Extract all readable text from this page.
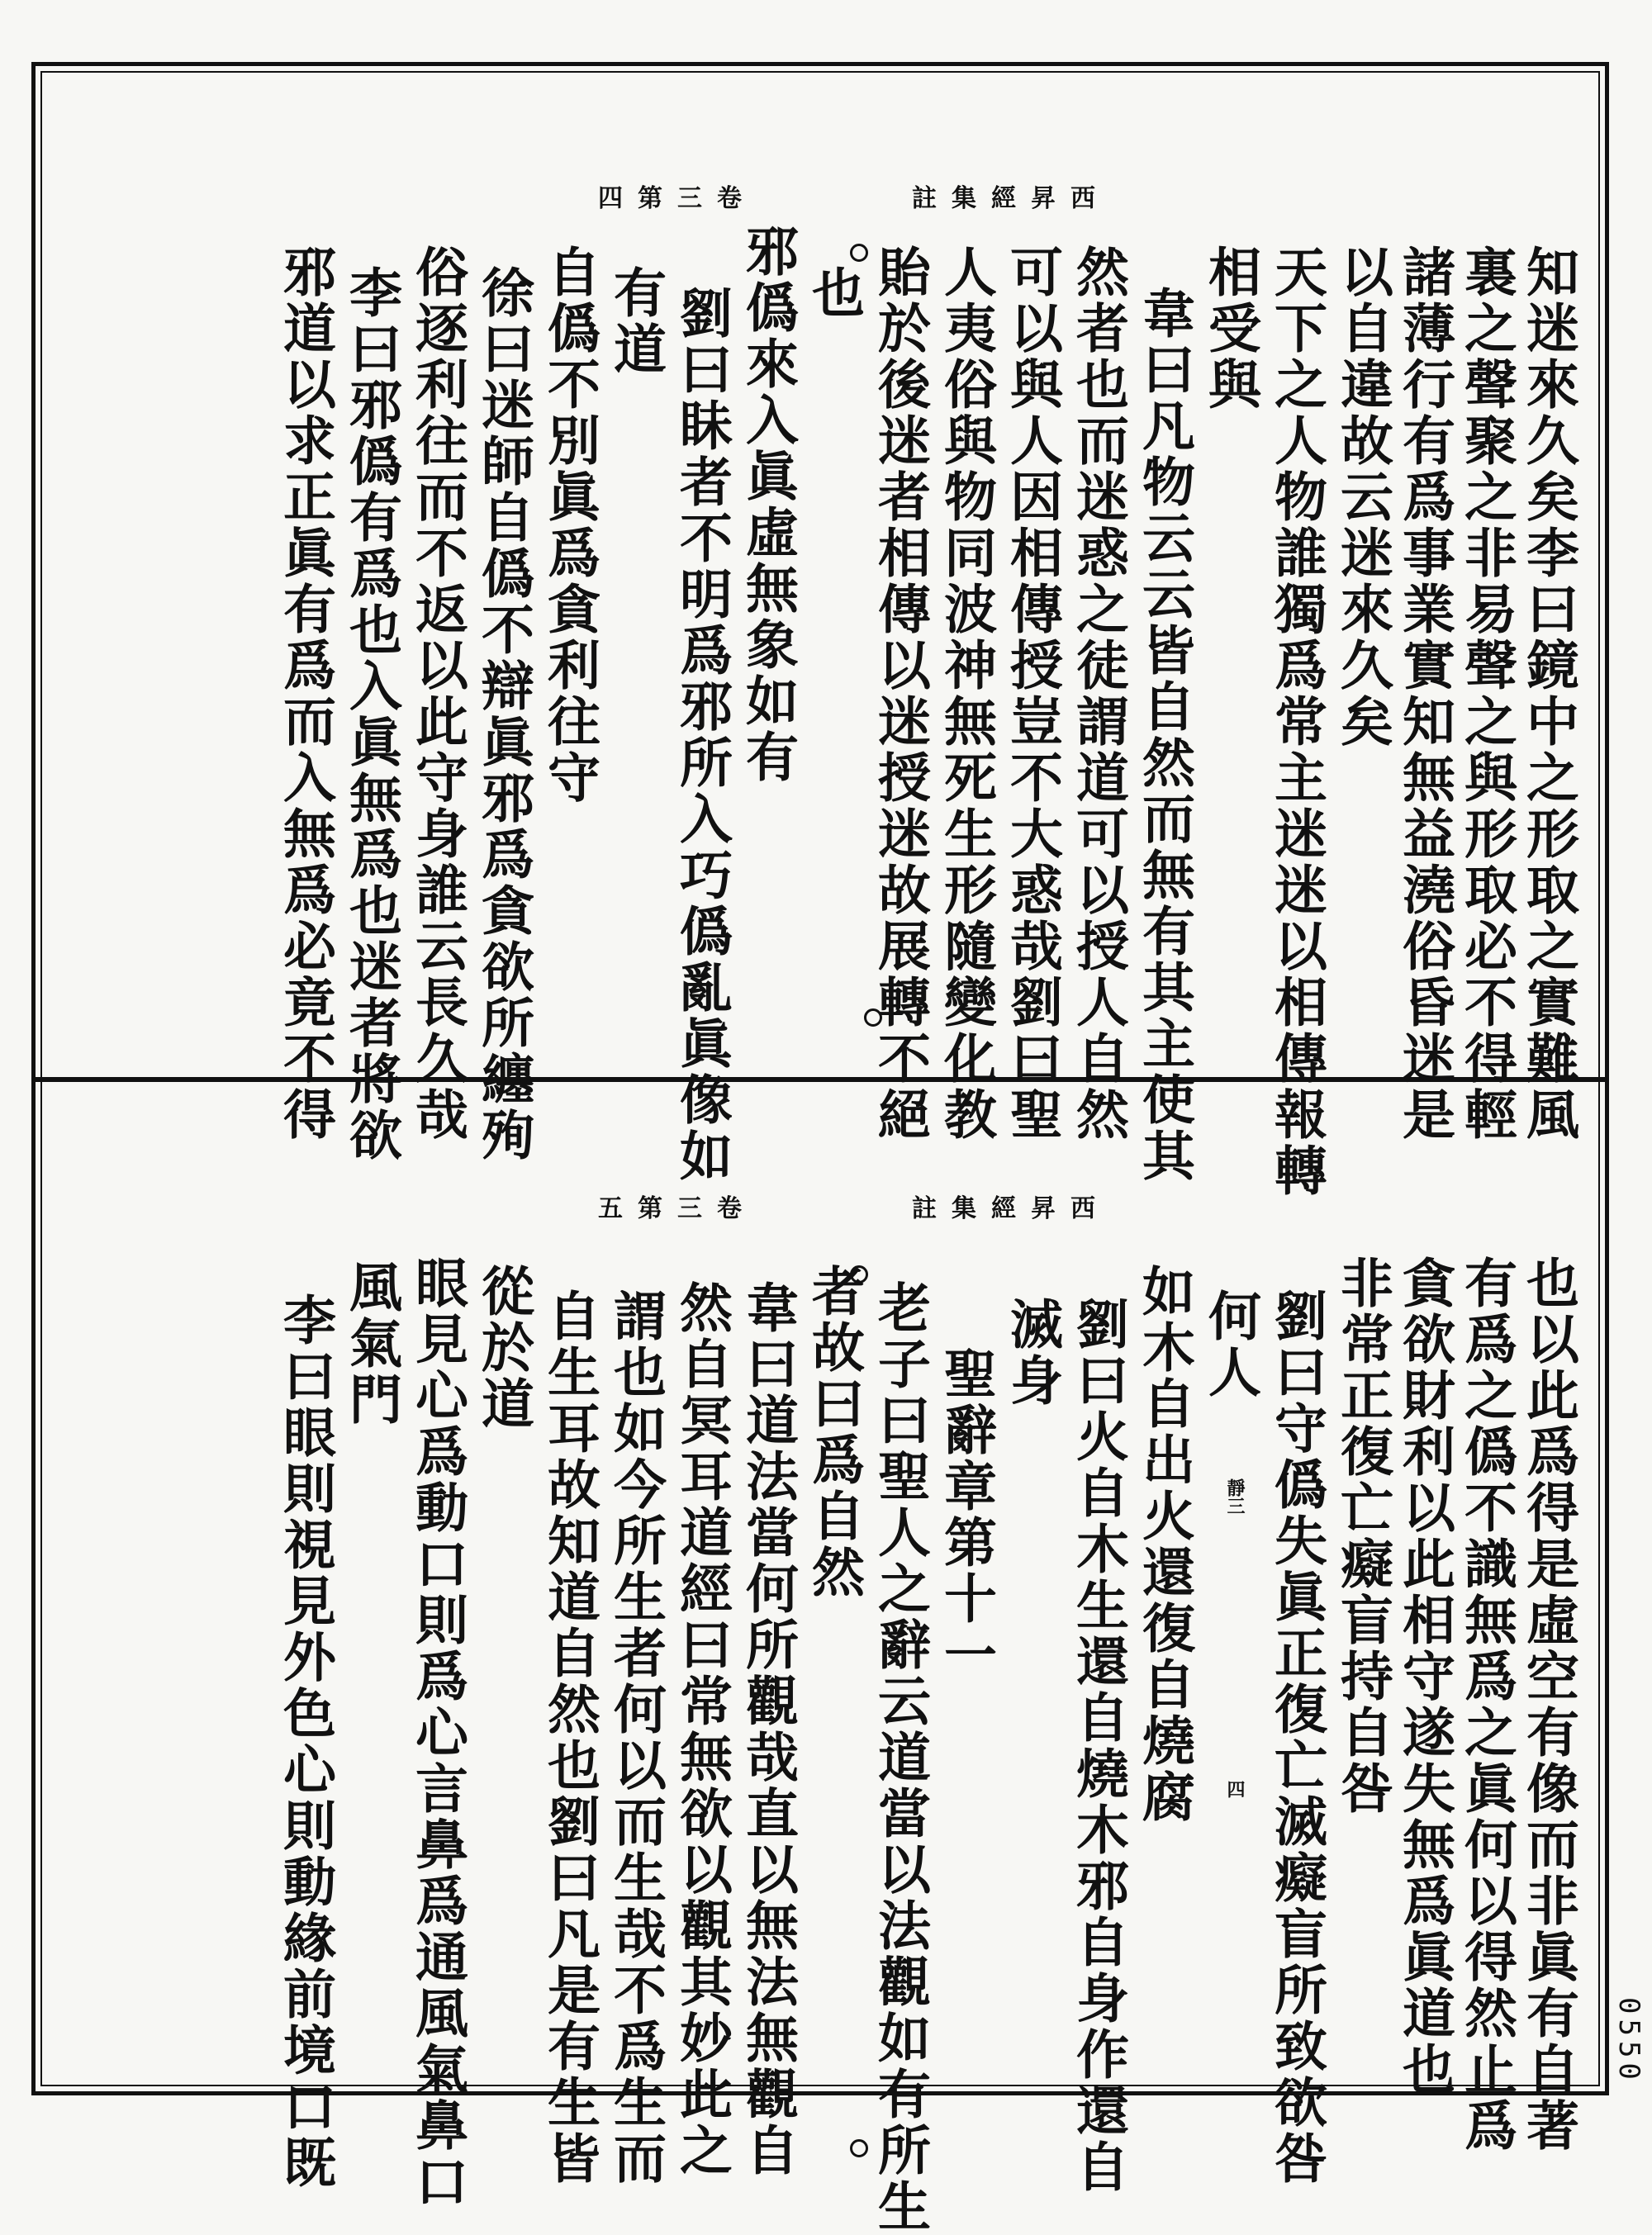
四第三卷	註集經昇西
知迷來久矣李曰鏡中之形取之實難風
裏之聲聚之非易聲之與形取必不得輕
諸薄行有爲事業實知無益澆俗昏迷是
以自違故云迷來久矣
天下之人物誰獨爲常主迷迷以相傳報轉
相受與
韋曰凡物云云皆自然而無有其主使其
然者也而迷惑之徒謂道可以授人自然
可以與人因相傳授豈不大惑哉劉曰聖
人夷俗與物同波神無死生形隨變化教
貽於後迷者相傳以迷授迷故展轉不絕
也
邪僞來入眞虛無象如有
劉曰眛者不明爲邪所入巧僞亂眞像如
有道
自僞不別眞爲貪利往守
徐曰迷師自僞不辯眞邪爲貪欲所纏殉
俗逐利往而不返以此守身誰云長久哉
李曰邪僞有爲也入眞無爲也迷者將欲
邪道以求正眞有爲而入無爲必竟不得
五第三卷	註集經昇西
也以此爲得是虛空有像而非眞有自著
有爲之僞不識無爲之眞何以得然止爲
貪欲財利以此相守遂失無爲眞道也
非常正復亡癡盲持自咎
劉曰守僞失眞正復亡滅癡盲所致欲咎
何人
如木自出火還復自燒腐
劉曰火自木生還自燒木邪自身作還自
滅身
聖辭章第十一
老子曰聖人之辭云道當以法觀如有所生
者故曰爲自然
韋曰道法當何所觀哉直以無法無觀自
然自冥耳道經曰常無欲以觀其妙此之
謂也如今所生者何以而生哉不爲生而
自生耳故知道自然也劉曰凡是有生皆
從於道
眼見心爲動口則爲心言鼻爲通風氣鼻口
風氣門
李曰眼則視見外色心則動緣前境口既	靜三
四
0550
